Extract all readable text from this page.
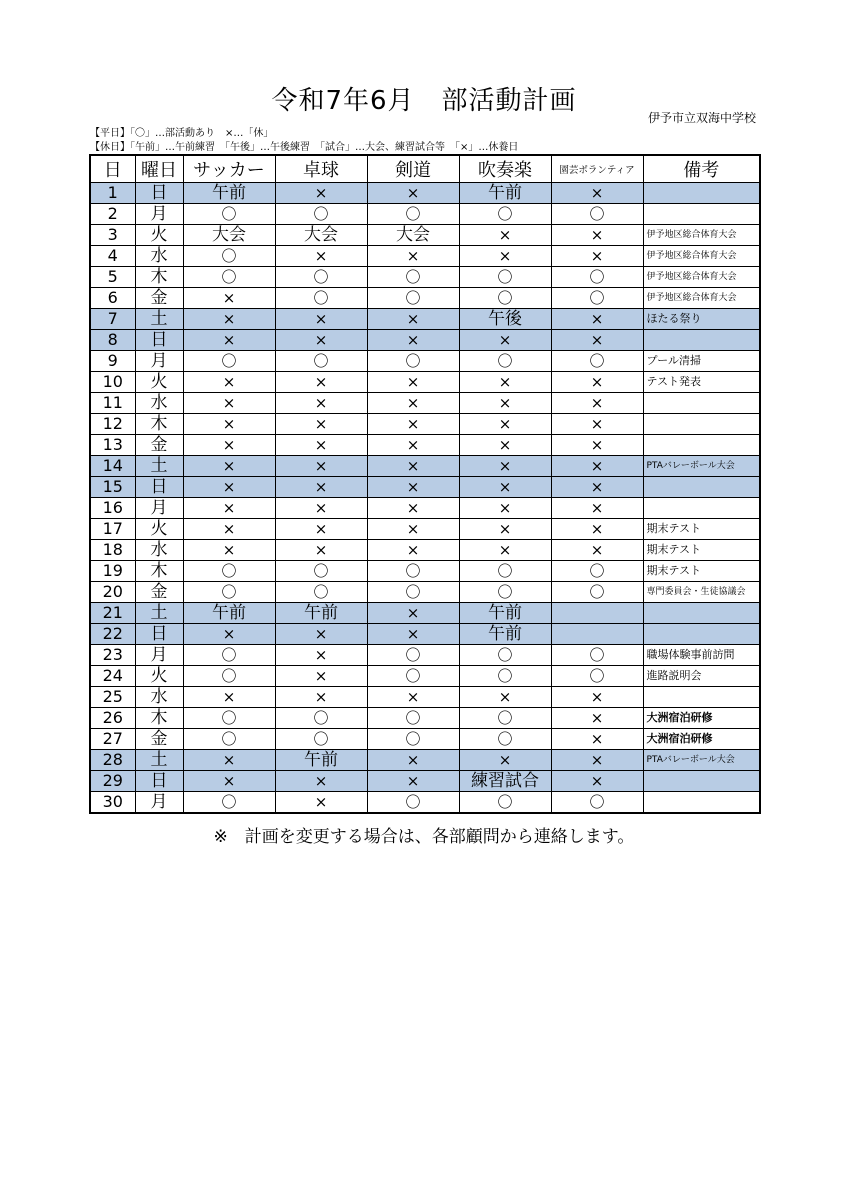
令和7年6月　部活動計画
伊予市立双海中学校
【平日】「〇」…部活動あり　×…「休」
【休日】「午前」…午前練習　「午後」…午後練習　「試合」…大会、練習試合等　「×」…休養日
日	曜日	サッカー	卓球	剣道	吹奏楽	園芸ボランティア	備考
1	日	午前	×	×	午前	×	
2	月	〇	〇	〇	〇	〇	
3	火	大会	大会	大会	×	×	伊予地区総合体育大会
4	水	〇	×	×	×	×	伊予地区総合体育大会
5	木	〇	〇	〇	〇	〇	伊予地区総合体育大会
6	金	×	〇	〇	〇	〇	伊予地区総合体育大会
7	土	×	×	×	午後	×	ほたる祭り
8	日	×	×	×	×	×	
9	月	〇	〇	〇	〇	〇	プール清掃
10	火	×	×	×	×	×	テスト発表
11	水	×	×	×	×	×	
12	木	×	×	×	×	×	
13	金	×	×	×	×	×	
14	土	×	×	×	×	×	PTAバレーボール大会
15	日	×	×	×	×	×	
16	月	×	×	×	×	×	
17	火	×	×	×	×	×	期末テスト
18	水	×	×	×	×	×	期末テスト
19	木	〇	〇	〇	〇	〇	期末テスト
20	金	〇	〇	〇	〇	〇	専門委員会・生徒協議会
21	土	午前	午前	×	午前		
22	日	×	×	×	午前		
23	月	〇	×	〇	〇	〇	職場体験事前訪問
24	火	〇	×	〇	〇	〇	進路説明会
25	水	×	×	×	×	×	
26	木	〇	〇	〇	〇	×	大洲宿泊研修
27	金	〇	〇	〇	〇	×	大洲宿泊研修
28	土	×	午前	×	×	×	PTAバレーボール大会
29	日	×	×	×	練習試合	×	
30	月	〇	×	〇	〇	〇	
※　計画を変更する場合は、各部顧問から連絡します。
